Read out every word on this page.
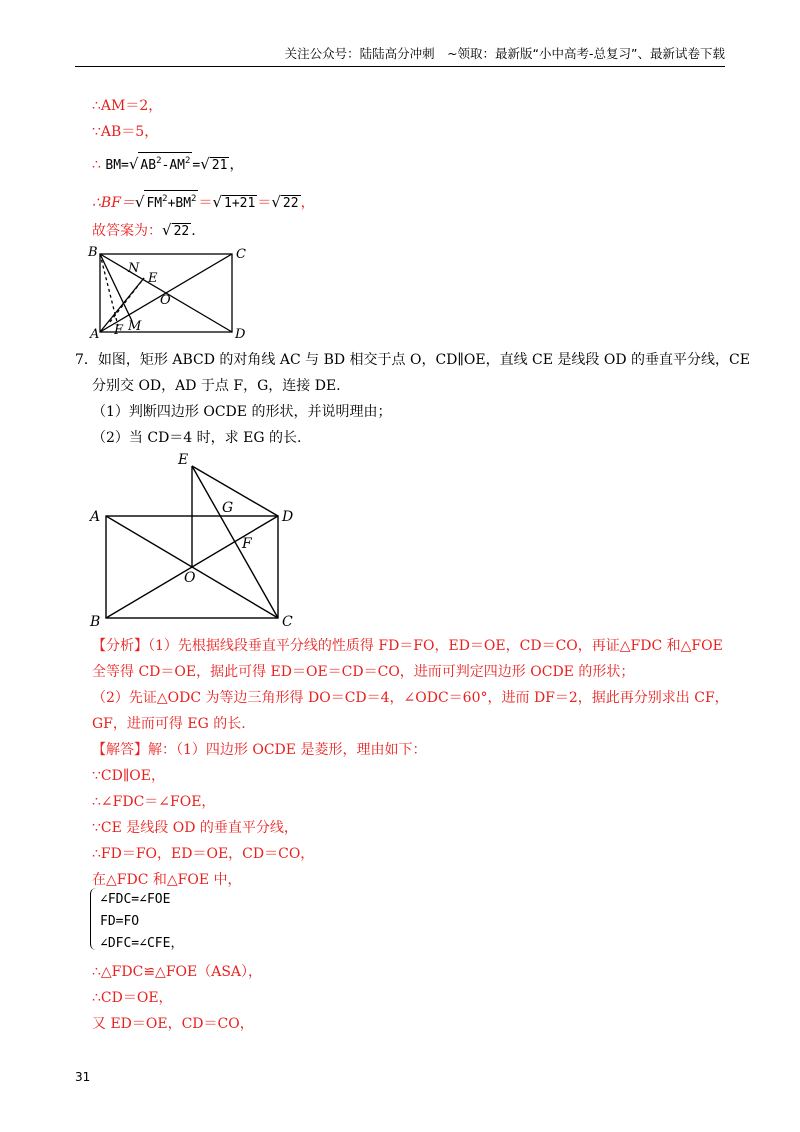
关注公众号：陆陆高分冲刺　~领取：最新版“小中高考-总复习”、最新试卷下载
∴AM＝2，
∵AB＝5，
∴ BM=√ $AB^2-AM^2$ =√ 21 ，
∴BF＝√ $FM^2+BM^2$ ＝√ 1+21 ＝√ 22 ，
故答案为：√ 22 .
B	C
A	D
N
E
O
F M
7．如图，矩形 ABCD 的对角线 AC 与 BD 相交于点 O，CD∥OE，直线 CE 是线段 OD 的垂直平分线，CE
分别交 OD，AD 于点 F，G，连接 DE.
（1）判断四边形 OCDE 的形状，并说明理由；
（2）当 CD＝4 时，求 EG 的长.
E
A	D
G
F
O
B	C
【分析】（1）先根据线段垂直平分线的性质得 FD＝FO，ED＝OE，CD＝CO，再证△FDC 和△FOE
全等得 CD＝OE，据此可得 ED＝OE＝CD＝CO，进而可判定四边形 OCDE 的形状；
（2）先证△ODC 为等边三角形得 DO＝CD＝4，∠ODC＝60°，进而 DF＝2，据此再分别求出 CF，
GF，进而可得 EG 的长.
【解答】解：（1）四边形 OCDE 是菱形，理由如下：
∵CD∥OE，
∴∠FDC＝∠FOE，
∵CE 是线段 OD 的垂直平分线，
∴FD＝FO，ED＝OE，CD＝CO，
在△FDC 和△FOE 中，
∠FDC=∠FOE
FD=FO
∠DFC=∠CFE，
∴△FDC≌△FOE（ASA），
∴CD＝OE，
又 ED＝OE，CD＝CO，
31
